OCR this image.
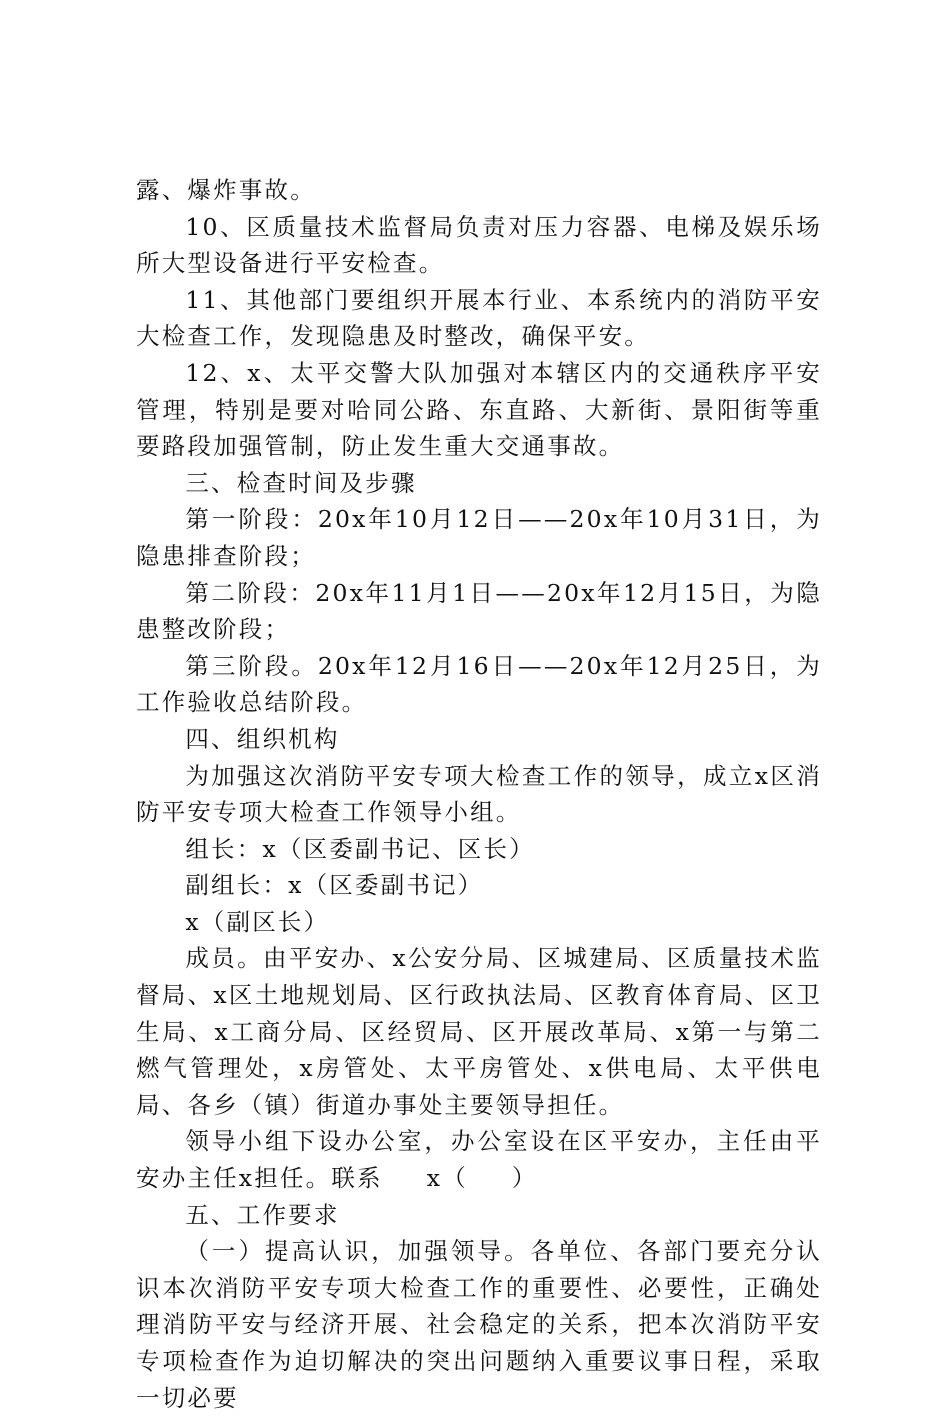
露、爆炸事故。

10、区质量技术监督局负责对压力容器、电梯及娱乐场所大型设备进行平安检查。

11、其他部门要组织开展本行业、本系统内的消防平安大检查工作，发现隐患及时整改，确保平安。

12、x、太平交警大队加强对本辖区内的交通秩序平安管理，特别是要对哈同公路、东直路、大新街、景阳街等重要路段加强管制，防止发生重大交通事故。

三、检查时间及步骤

第一阶段：20x年10月12日——20x年10月31日，为隐患排查阶段；

第二阶段：20x年11月1日——20x年12月15日，为隐患整改阶段；

第三阶段。20x年12月16日——20x年12月25日，为工作验收总结阶段。

四、组织机构

为加强这次消防平安专项大检查工作的领导，成立x区消防平安专项大检查工作领导小组。

组长：x（区委副书记、区长）

副组长：x（区委副书记）

x（副区长）

成员。由平安办、x公安分局、区城建局、区质量技术监督局、x区土地规划局、区行政执法局、区教育体育局、区卫生局、x工商分局、区经贸局、区开展改革局、x第一与第二燃气管理处，x房管处、太平房管处、x供电局、太平供电局、各乡（镇）街道办事处主要领导担任。

领导小组下设办公室，办公室设在区平安办，主任由平安办主任x担任。联系 x（ ）

五、工作要求

（一）提高认识，加强领导。各单位、各部门要充分认识本次消防平安专项大检查工作的重要性、必要性，正确处理消防平安与经济开展、社会稳定的关系，把本次消防平安专项检查作为迫切解决的突出问题纳入重要议事日程，采取一切必要
